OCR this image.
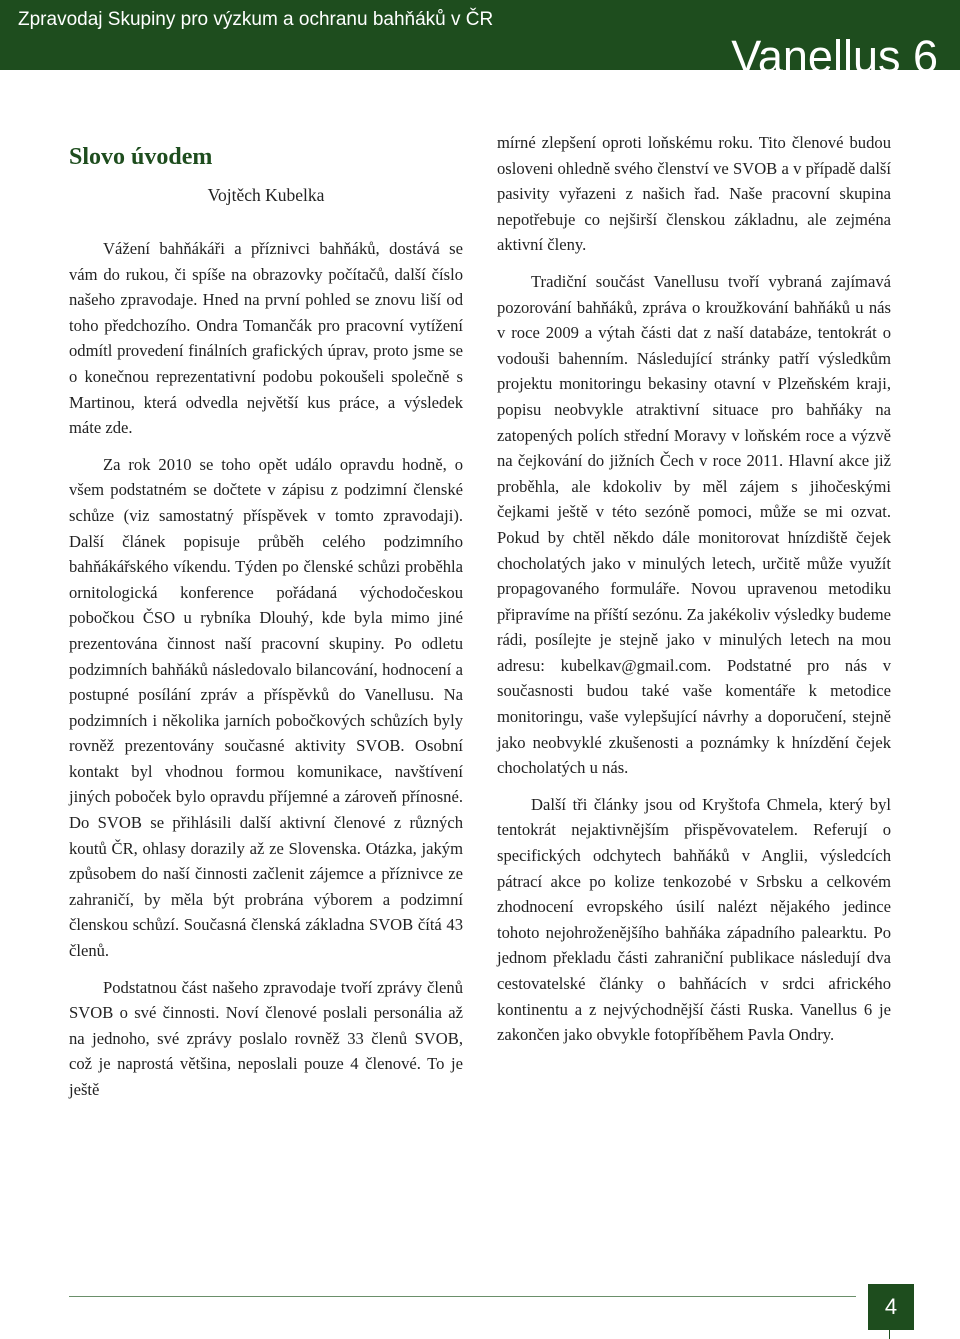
Zpravodaj Skupiny pro výzkum a ochranu bahňáků v ČR
Vanellus 6
Slovo úvodem
Vojtěch Kubelka

Vážení bahňákáři a příznivci bahňáků, dostává se vám do rukou, či spíše na obrazovky počítačů, další číslo našeho zpravodaje. Hned na první pohled se znovu liší od toho předchozího. Ondra Tomančák pro pracovní vytížení odmítl provedení finálních grafických úprav, proto jsme se o konečnou reprezentativní podobu pokoušeli společně s Martinou, která odvedla největší kus práce, a výsledek máte zde.

Za rok 2010 se toho opět událo opravdu hodně, o všem podstatném se dočtete v zápisu z podzimní členské schůze (viz samostatný příspěvek v tomto zpravodaji). Další článek popisuje průběh celého podzimního bahňákářského víkendu. Týden po členské schůzi proběhla ornitologická konference pořádaná východočeskou pobočkou ČSO u rybníka Dlouhý, kde byla mimo jiné prezentována činnost naší pracovní skupiny. Po odletu podzimních bahňáků následovalo bilancování, hodnocení a postupné posílání zpráv a příspěvků do Vanellusu. Na podzimních i několika jarních pobočkových schůzích byly rovněž prezentovány současné aktivity SVOB. Osobní kontakt byl vhodnou formou komunikace, navštívení jiných poboček bylo opravdu příjemné a zároveň přínosné. Do SVOB se přihlásili další aktivní členové z různých koutů ČR, ohlasy dorazily až ze Slovenska. Otázka, jakým způsobem do naší činnosti začlenit zájemce a příznivce ze zahraničí, by měla být probrána výborem a podzimní členskou schůzí. Současná členská základna SVOB čítá 43 členů.

Podstatnou část našeho zpravodaje tvoří zprávy členů SVOB o své činnosti. Noví členové poslali personália až na jednoho, své zprávy poslalo rovněž 33 členů SVOB, což je naprostá většina, neposlali pouze 4 členové. To je ještě

mírné zlepšení oproti loňskému roku. Tito členové budou osloveni ohledně svého členství ve SVOB a v případě další pasivity vyřazeni z našich řad. Naše pracovní skupina nepotřebuje co nejširší členskou základnu, ale zejména aktivní členy.

Tradiční součást Vanellusu tvoří vybraná zajímavá pozorování bahňáků, zpráva o kroužkování bahňáků u nás v roce 2009 a výtah části dat z naší databáze, tentokrát o vodouši bahenním. Následující stránky patří výsledkům projektu monitoringu bekasiny otavní v Plzeňském kraji, popisu neobvykle atraktivní situace pro bahňáky na zatopených polích střední Moravy v loňském roce a výzvě na čejkování do jižních Čech v roce 2011. Hlavní akce již proběhla, ale kdokoliv by měl zájem s jihočeskými čejkami ještě v této sezóně pomoci, může se mi ozvat. Pokud by chtěl někdo dále monitorovat hnízdiště čejek chocholatých jako v minulých letech, určitě může využít propagovaného formuláře. Novou upravenou metodiku připravíme na příští sezónu. Za jakékoliv výsledky budeme rádi, posílejte je stejně jako v minulých letech na mou adresu: kubelkav@gmail.com. Podstatné pro nás v současnosti budou také vaše komentáře k metodice monitoringu, vaše vylepšující návrhy a doporučení, stejně jako neobvyklé zkušenosti a poznámky k hnízdění čejek chocholatých u nás.

Další tři články jsou od Kryštofa Chmela, který byl tentokrát nejaktivnějším přispěvovatelem. Referují o specifických odchytech bahňáků v Anglii, výsledcích pátrací akce po kolize tenkozobé v Srbsku a celkovém zhodnocení evropského úsilí nalézt nějakého jedince tohoto nejohroženějšího bahňáka západního palearktu. Po jednom překladu části zahraniční publikace následují dva cestovatelské články o bahňácích v srdci afrického kontinentu a z nejvýchodnější části Ruska. Vanellus 6 je zakončen jako obvykle fotopříběhem Pavla Ondry.

4
